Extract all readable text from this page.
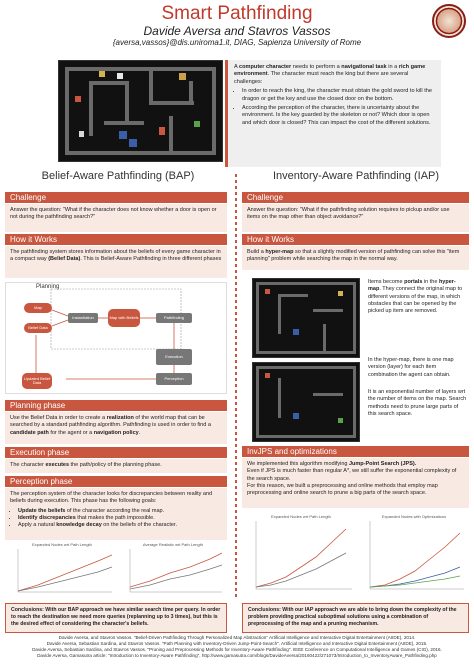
Smart Pathfinding
Davide Aversa and Stavros Vassos
{aversa,vassos}@dis.uniroma1.it, DIAG, Sapienza University of Rome

A computer character needs to perform a navigational task in a rich game environment. The character must reach the king but there are several challenges:

• In order to reach the king, the character must obtain the gold sword to kill the dragon or get the key and use the closed door on the bottom.
• According the perception of the character, there is uncertainty about the environment. Is the key guarded by the skeleton or not? Which door is open and which door is closed? This can impact the cost of the different solutions.
Belief-Aware Pathfinding (BAP)	Inventory-Aware Pathfinding (IAP)
Challenge
Answer the question: "What if the character does not know whether a door is open or not during the pathfinding search?"
How it Works
The pathfinding system stores information about the beliefs of every game character in a compact way (Belief Data). This is Belief-Aware Pathfinding in three different phases
Planning
Map
Belief Data
Instantiation	Map with Beliefs	Pathfinding
Execution
Perception
Updated Belief Data
Planning phase
Use the Belief Data in order to create a realization of the world map that can be searched by a standard pathfinding algorithm. Pathfinding is used in order to find a candidate path for the agent or a navigation policy.
Execution phase
The character executes the path/policy of the planning phase.
Perception phase

The perception system of the character looks for discrepancies between reality and beliefs during execution. This phase has the following goals:

• Update the beliefs of the character according the real map.
• Identify discrepancies that makes the path impossible.
• Apply a natural knowledge decay on the beliefs of the character.
Expanded Nodes wrt Path Length	Average Realistic wrt Path Length
Conclusions: With our BAP approach we have similar search time per query. In order to reach the destination we need more queries (replanning up to 3 times), but this is the desired effect of considering the character's beliefs.
Challenge
Answer the question: "What if the pathfinding solution requires to pickup and/or use items on the map other than object avoidance?"
How it Works
Build a hyper-map so that a slightly modified version of pathfinding can solve this "item planning" problem while searching the map in the normal way.
Items become portals in the hyper-map. They connect the original map to different versions of the map, in which obstacles that can be opened by the picked up item are removed.
In the hyper-map, there is one map version (layer) for each item combination the agent can obtain.
It is an exponential number of layers wrt the number of items on the map. Search methods need to prune large parts of this search space.
InvJPS and optimizations

We implemented this algorithm modifying Jump-Point Search (JPS).

Even if JPS is much faster than regular A*, we still suffer the exponential complexity of the search space.

For this reason, we built a preprocessing and online methods that employ map preprocessing and online search to prune a big parts of the search space.

Expanded Nodes wrt Path Length	Expanded Nodes with Optimizations
Conclusions: With our IAP approach we are able to bring down the complexity of the problem providing practical suboptimal solutions using a combination of preprocessing of the map and a pruning mechanism.
Davide Aversa, and Stavros Vassos. "Belief-Driven Pathfinding Through Personalized Map Abstraction" Artificial Intelligence and Interactive Digital Entertainment (AIIDE), 2014.
Davide Aversa, Sebastian Sardina, and Stavros Vassos. "Path Planning with Inventory-Driven Jump-Point-Search". Artificial Intelligence and Interactive Digital Entertainment (AIIDE), 2015.
Davide Aversa, Sebastian Sardina, and Stavros Vassos. "Pruning and Preprocessing Methods for Inventory-Aware Pathfinding". IEEE Conference on Computational Intelligence and Games (CIG), 2016.
Davide Aversa, Gamasutra article: "Introduction to Inventory-Aware Pathfinding", http://www.gamasutra.com/blogs/DavideAversa/20160422/271073/Introduction_to_InventoryAware_Pathfinding.php
